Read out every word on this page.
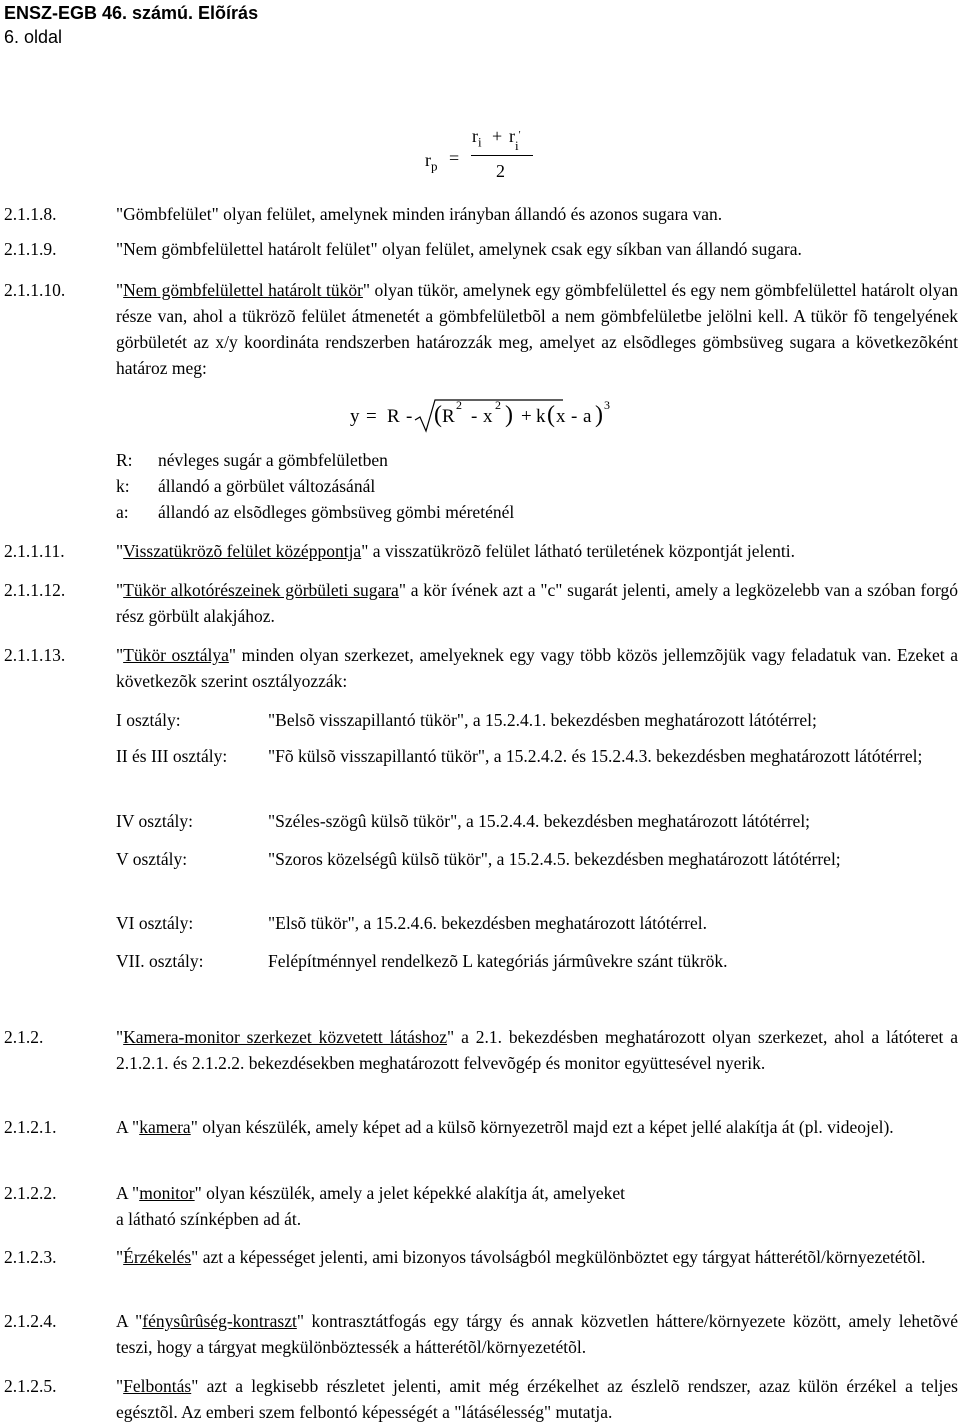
ENSZ-EGB 46. számú. Elõírás
6. oldal
$r_p$ =
$r_i + r_i'$
2
2.1.1.8.	"Gömbfelület" olyan felület, amelynek minden irányban állandó és azonos sugara van.
2.1.1.9.	"Nem gömbfelülettel határolt felület" olyan felület, amelynek csak egy síkban van állandó sugara.
2.1.1.10.	"Nem gömbfelülettel határolt tükör" olyan tükör, amelynek egy gömbfelülettel és egy nem gömbfelülettel határolt olyan része van, ahol a tükrözõ felület átmenetét a gömbfelületbõl a nem gömbfelületbe jelölni kell. A tükör fõ tengelyének görbületét az x/y koordináta rendszerben határozzák meg, amelyet az elsõdleges gömbsüveg sugara a következõként határoz meg:
y = R - ( R
2
- x
2 ) + k ( x - a ) 3
R: névleges sugár a gömbfelületben
k: állandó a görbület változásánál
a: állandó az elsõdleges gömbsüveg gömbi méreténél
2.1.1.11.	"Visszatükrözõ felület középpontja" a visszatükrözõ felület látható területének központját jelenti.
2.1.1.12.	"Tükör alkotórészeinek görbületi sugara" a kör ívének azt a "c" sugarát jelenti, amely a legközelebb van a szóban forgó rész görbült alakjához.
2.1.1.13.	"Tükör osztálya" minden olyan szerkezet, amelyeknek egy vagy több közös jellemzõjük vagy feladatuk van. Ezeket a következõk szerint osztályozzák:
I osztály:	"Belsõ visszapillantó tükör", a 15.2.4.1. bekezdésben meghatározott látótérrel;
II és III osztály: "Fõ külsõ visszapillantó tükör", a 15.2.4.2. és 15.2.4.3. bekezdésben meghatározott látótérrel;
IV osztály:	"Széles-szögû külsõ tükör", a 15.2.4.4. bekezdésben meghatározott látótérrel;
V osztály:	"Szoros közelségû külsõ tükör", a 15.2.4.5. bekezdésben meghatározott látótérrel;
VI osztály:	"Elsõ tükör", a 15.2.4.6. bekezdésben meghatározott látótérrel.
VII. osztály:	Felépítménnyel rendelkezõ L kategóriás jármûvekre szánt tükrök.
2.1.2.	"Kamera-monitor szerkezet közvetett látáshoz" a 2.1. bekezdésben meghatározott olyan szerkezet, ahol a látóteret a 2.1.2.1. és 2.1.2.2. bekezdésekben meghatározott felvevõgép és monitor együttesével nyerik.
2.1.2.1.	A "kamera" olyan készülék, amely képet ad a külsõ környezetrõl majd ezt a képet jellé alakítja át (pl. videojel).
2.1.2.2.	A "monitor" olyan készülék, amely a jelet képekké alakítja át, amelyeket
a látható színképben ad át.
2.1.2.3.	"Érzékelés" azt a képességet jelenti, ami bizonyos távolságból megkülönböztet egy tárgyat hátterétõl/környezetétõl.
2.1.2.4.	A "fénysûrûség-kontraszt" kontrasztátfogás egy tárgy és annak közvetlen háttere/környezete között, amely lehetõvé teszi, hogy a tárgyat megkülönböztessék a hátterétõl/környezetétõl.
2.1.2.5.	"Felbontás" azt a legkisebb részletet jelenti, amit még érzékelhet az észlelõ rendszer, azaz külön érzékel a teljes egésztõl. Az emberi szem felbontó képességét a "látásélesség" mutatja.
